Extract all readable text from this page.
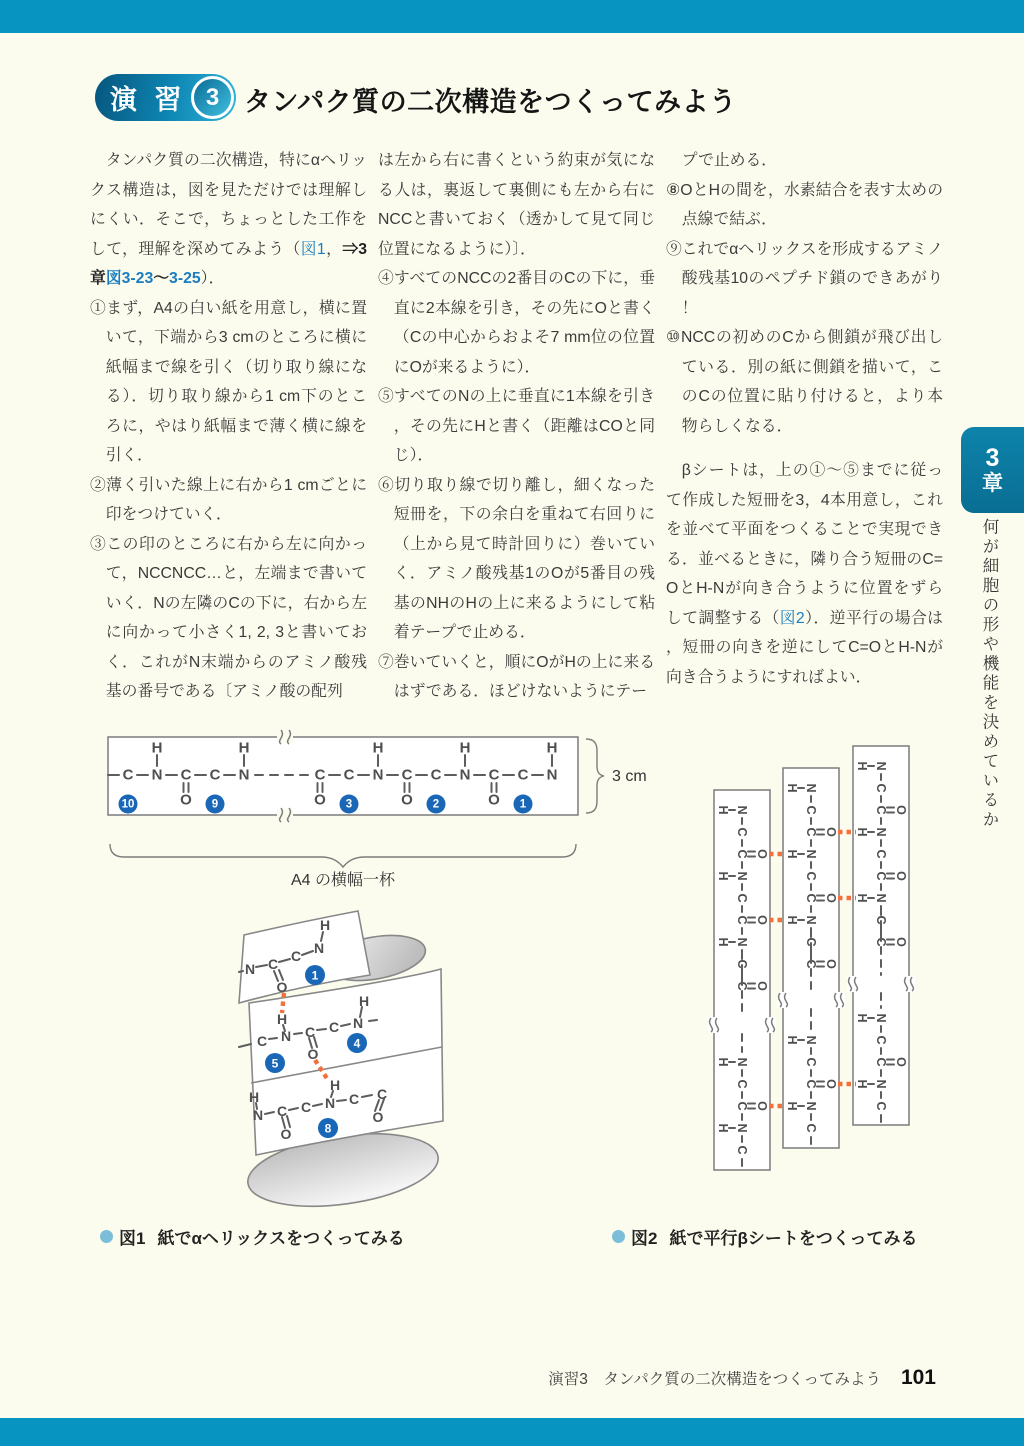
演 習 3 タンパク質の二次構造をつくってみよう

タンパク質の二次構造，特にαヘリックス構造は，図を見ただけでは理解しにくい．そこで，ちょっとした工作をして，理解を深めてみよう（図1，⇒3章図3-23〜3-25）．

①まず，A4の白い紙を用意し，横に置いて，下端から3 cmのところに横に紙幅まで線を引く（切り取り線になる）．切り取り線から1 cm下のところに，やはり紙幅まで薄く横に線を引く．

②薄く引いた線上に右から1 cmごとに印をつけていく．

③この印のところに右から左に向かって，NCCNCC…と，左端まで書いていく．Nの左隣のCの下に，右から左に向かって小さく1, 2, 3と書いておく．これがN末端からのアミノ酸残基の番号である〔アミノ酸の配列

は左から右に書くという約束が気になる人は，裏返して裏側にも左から右にNCCと書いておく（透かして見て同じ位置になるように）〕．

④すべてのNCCの2番目のCの下に，垂直に2本線を引き，その先にOと書く（Cの中心からおよそ7 mm位の位置にOが来るように）．

⑤すべてのNの上に垂直に1本線を引き，その先にHと書く（距離はCOと同じ）．

⑥切り取り線で切り離し，細くなった短冊を，下の余白を重ねて右回りに（上から見て時計回りに）巻いていく．アミノ酸残基1のOが5番目の残基のNHのHの上に来るようにして粘着テープで止める．

⑦巻いていくと，順にOがHの上に来るはずである．ほどけないようにテー

プで止める．

⑧OとHの間を，水素結合を表す太めの点線で結ぶ．

⑨これでαヘリックスを形成するアミノ酸残基10のペプチド鎖のできあがり！

⑩NCCの初めのCから側鎖が飛び出している．別の紙に側鎖を描いて，このCの位置に貼り付けると，より本物らしくなる．

βシートは，上の①〜⑤までに従って作成した短冊を3，4本用意し，これを並べて平面をつくることで実現できる．並べるときに，隣り合う短冊のC=OとH-Nが向き合うように位置をずらして調整する（図2）．逆平行の場合は，短冊の向きを逆にしてC=OとH-Nが向き合うようにすればよい．

3
章
何が細胞の形や機能を決めているか
C
10
N
H
C
O
C
9
N
H
C
O
C
3
N
H
C
O
C
2
N
H
C
O
C
1
N
H
3 cm
A4 の横幅一杯
N C C N
H
O
H
N
C
C C N
H
O
H
N C C N
H
C C
O
O
1
4
5
8
H N
C
C O
H N
C
C O
H N
C
C O
H N
C
C O
H N
C
H N
C
C O
H N
C
C O
H N
C
C O
H N
C
C O
H N
C
H N
C
C O
H N
C
C O
H N
C
C O
H N
C
C O
H N
C
図1 紙でαヘリックスをつくってみる	図2 紙で平行βシートをつくってみる
演習3　タンパク質の二次構造をつくってみよう 101
